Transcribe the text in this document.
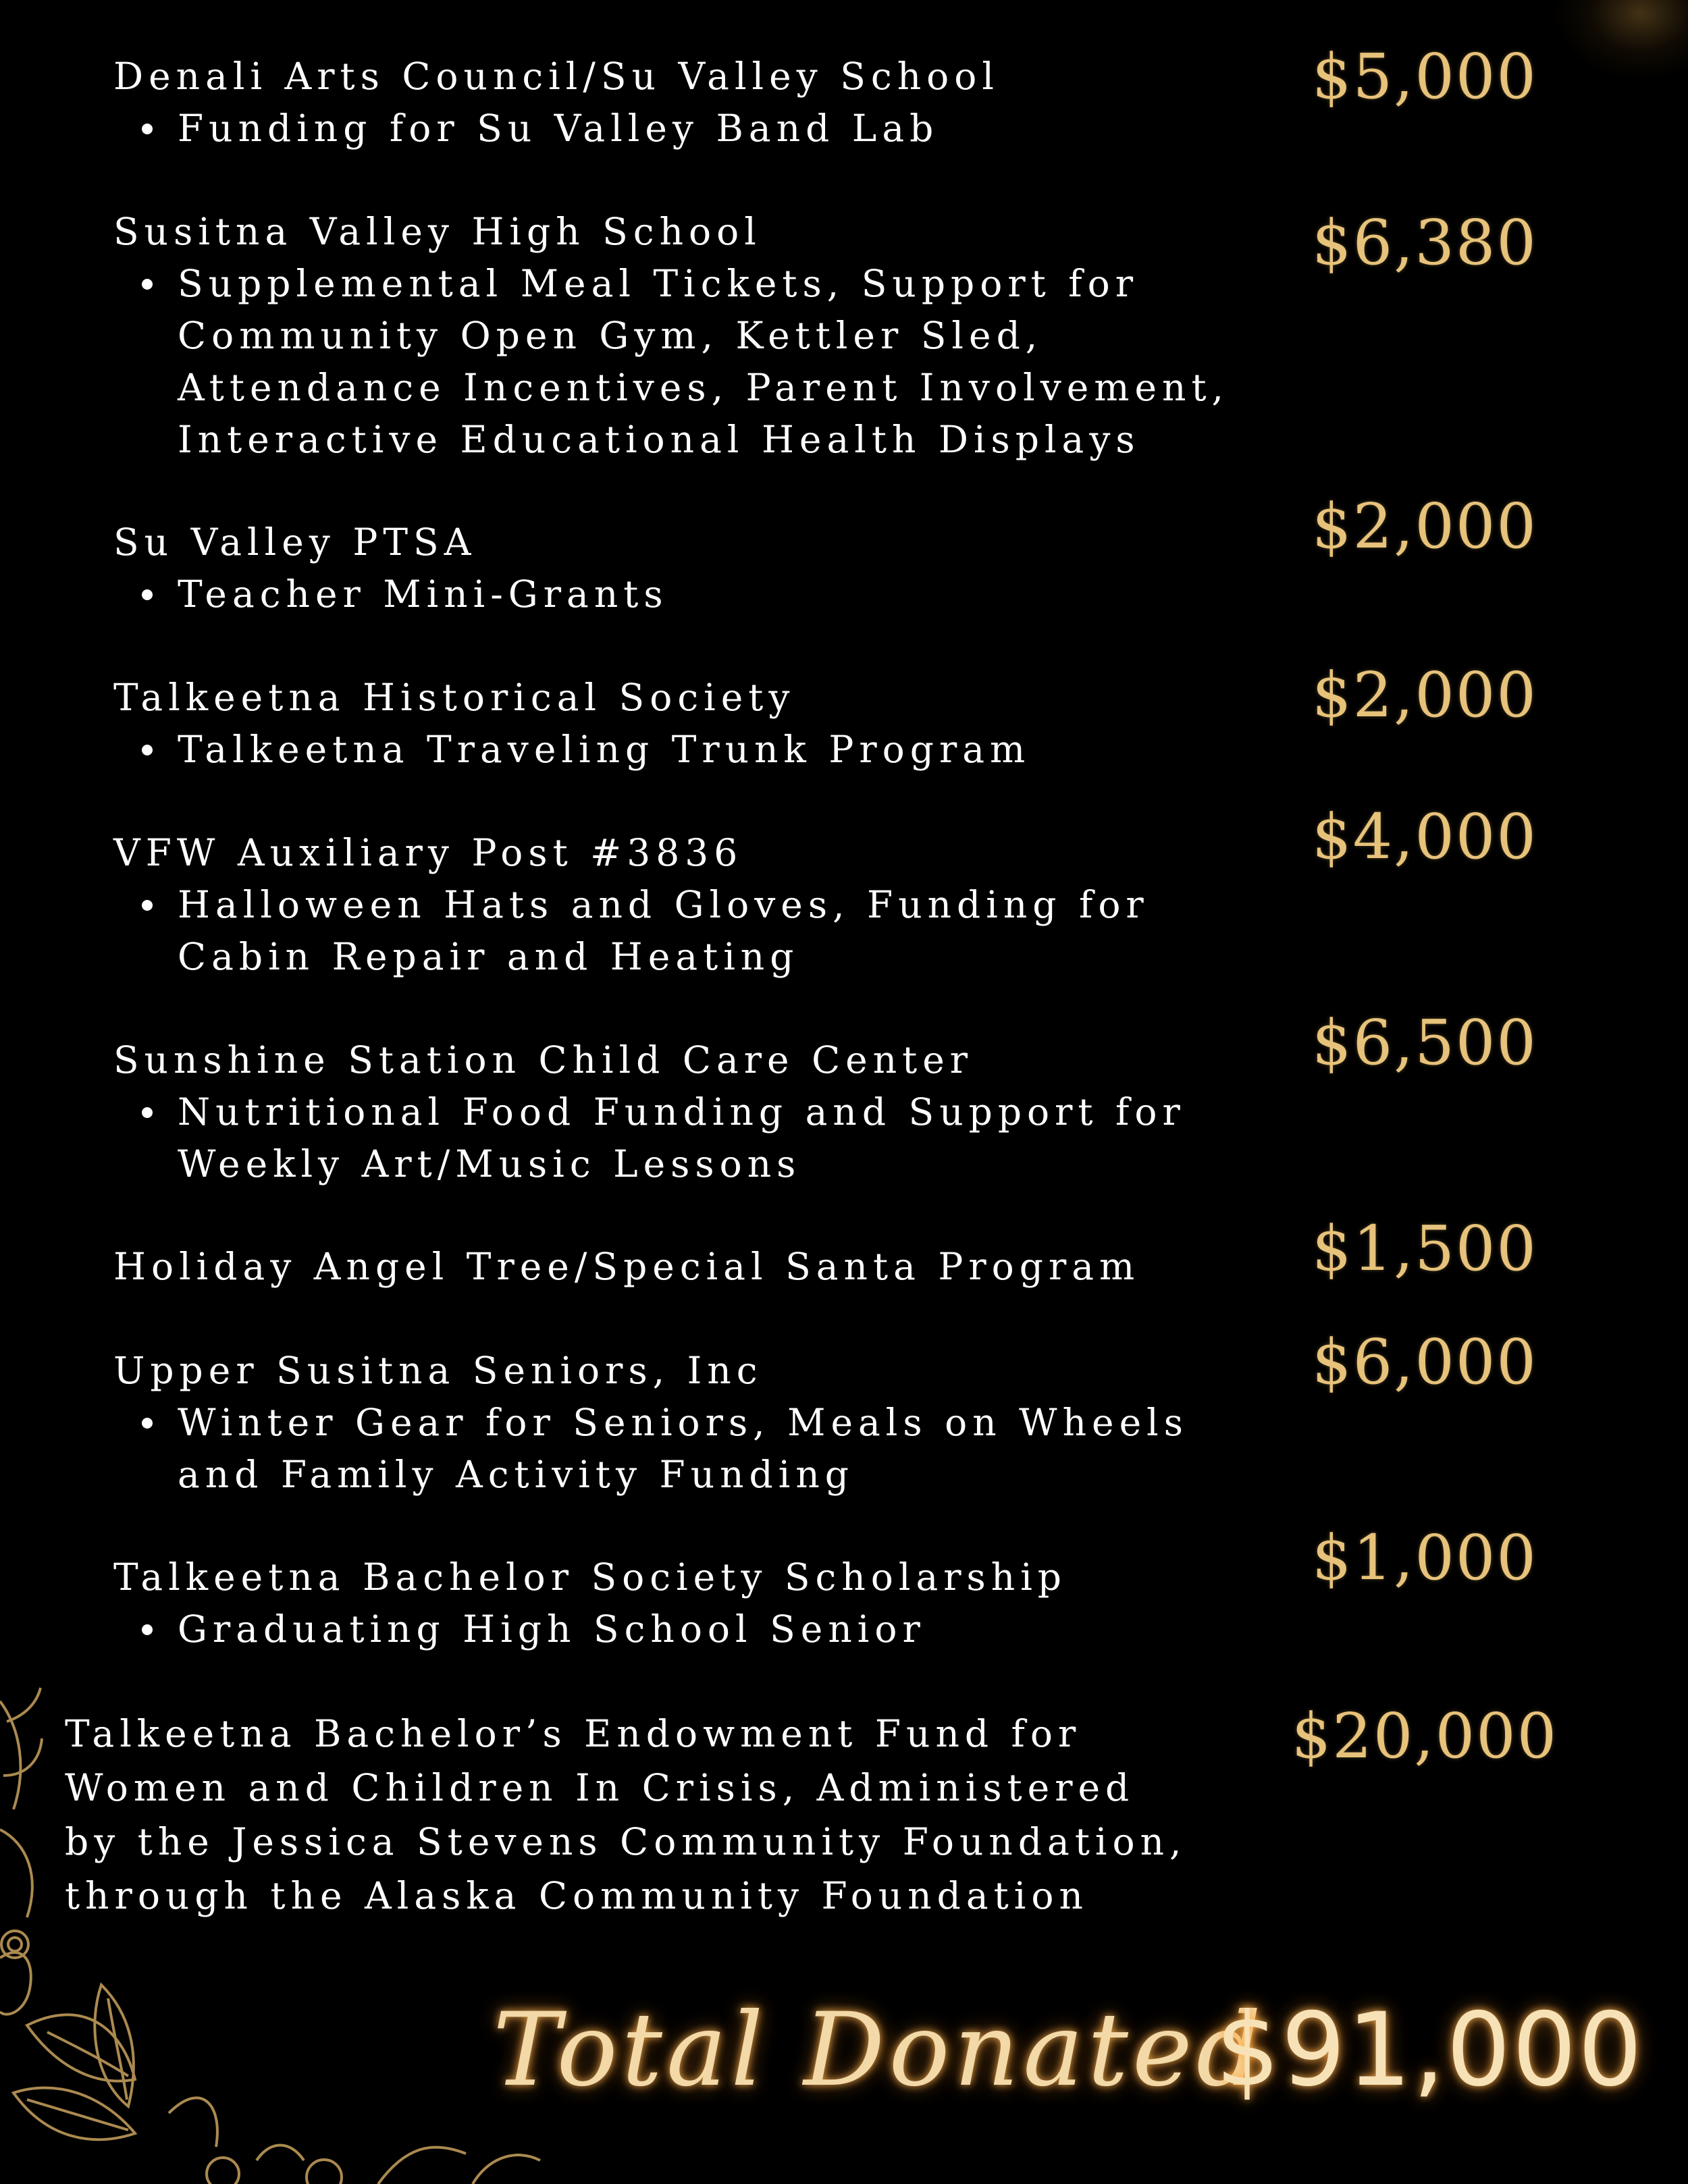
Denali Arts Council/Su Valley School

Funding for Su Valley Band Lab
$5,000

Susitna Valley High School

Supplemental Meal Tickets, Support for Community Open Gym, Kettler Sled, Attendance Incentives, Parent Involvement, Interactive Educational Health Displays
$6,380

Su Valley PTSA

Teacher Mini-Grants
$2,000

Talkeetna Historical Society

Talkeetna Traveling Trunk Program
$2,000

VFW Auxiliary Post #3836

Halloween Hats and Gloves, Funding for Cabin Repair and Heating
$4,000

Sunshine Station Child Care Center

Nutritional Food Funding and Support for Weekly Art/Music Lessons
$6,500

Holiday Angel Tree/Special Santa Program	$1,500

Upper Susitna Seniors, Inc

Winter Gear for Seniors, Meals on Wheels and Family Activity Funding
$6,000

Talkeetna Bachelor Society Scholarship

Graduating High School Senior
$1,000
Talkeetna Bachelor’s Endowment Fund for Women and Children In Crisis, Administered by the Jessica Stevens Community Foundation, through the Alaska Community Foundation
$20,000
Total Donated
$91,000
